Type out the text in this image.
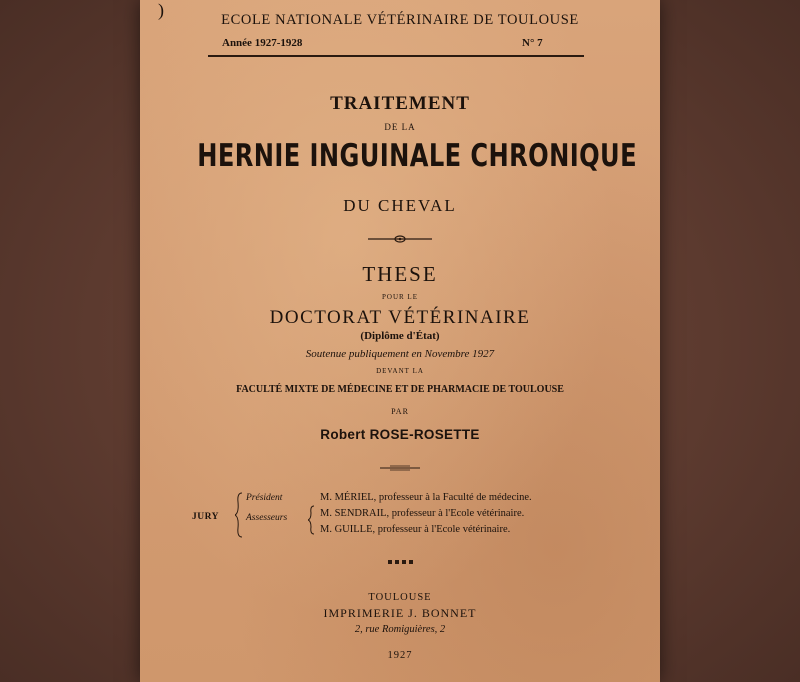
)	ECOLE NATIONALE VÉTÉRINAIRE DE TOULOUSE
Année 1927-1928	N° 7
TRAITEMENT
DE LA
HERNIE INGUINALE CHRONIQUE
DU CHEVAL
THESE
POUR LE
DOCTORAT VÉTÉRINAIRE
(Diplôme d'État)
Soutenue publiquement en Novembre 1927
DEVANT LA
FACULTÉ MIXTE DE MÉDECINE ET DE PHARMACIE DE TOULOUSE
PAR
Robert ROSE-ROSETTE
JURY
Président
Assesseurs
M. MÉRIEL, professeur à la Faculté de médecine.
M. SENDRAIL, professeur à l'Ecole vétérinaire.
M. GUILLE, professeur à l'Ecole vétérinaire.
TOULOUSE
IMPRIMERIE J. BONNET
2, rue Romiguières, 2
1927
